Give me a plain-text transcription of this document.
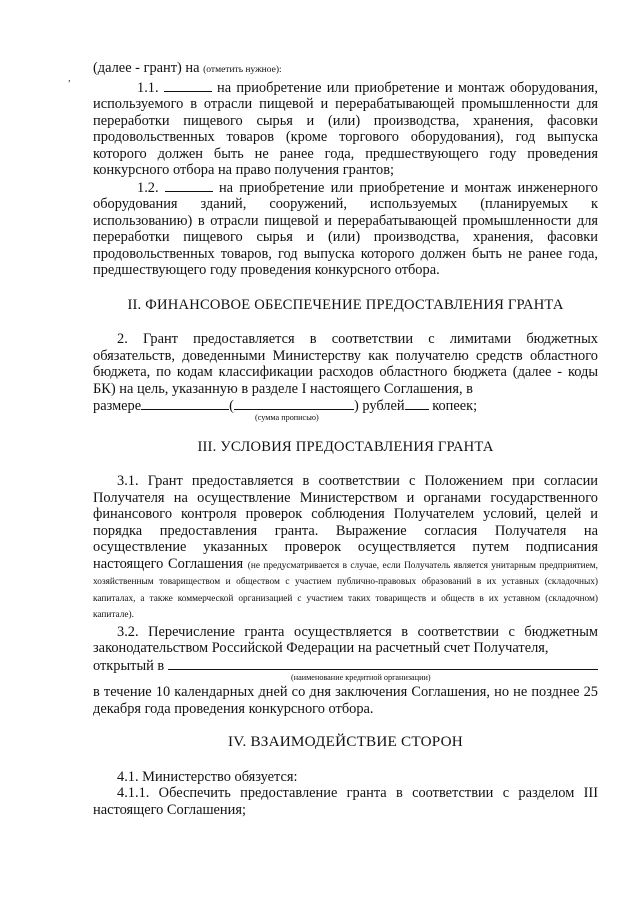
,

(далее - грант) на (отметить нужное):

1.1.	на приобретение или приобретение и монтаж оборудования, используемого в отрасли пищевой и перерабатывающей промышленности для переработки пищевого сырья и (или) производства, хранения, фасовки продовольственных товаров (кроме торгового оборудования), год выпуска которого должен быть не ранее года, предшествующего году проведения конкурсного отбора на право получения грантов;

1.2.	на приобретение или приобретение и монтаж инженерного оборудования зданий, сооружений, используемых (планируемых к использованию) в отрасли пищевой и перерабатывающей промышленности для переработки пищевого сырья и (или) производства, хранения, фасовки продовольственных товаров, год выпуска которого должен быть не ранее года, предшествующего году проведения конкурсного отбора.

II. ФИНАНСОВОЕ ОБЕСПЕЧЕНИЕ ПРЕДОСТАВЛЕНИЯ ГРАНТА

2. Грант предоставляется в соответствии с лимитами бюджетных обязательств, доведенными Министерству как получателю средств областного бюджета, по кодам классификации расходов областного бюджета (далее - коды БК) на цель, указанную в разделе I настоящего Соглашения, в

размере	(	) рублей копеек;

(сумма прописью)
III. УСЛОВИЯ ПРЕДОСТАВЛЕНИЯ ГРАНТА

3.1. Грант предоставляется в соответствии с Положением при согласии Получателя на осуществление Министерством и органами государственного финансового контроля проверок соблюдения Получателем условий, целей и порядка предоставления гранта. Выражение согласия Получателя на осуществление указанных проверок осуществляется путем подписания настоящего Соглашения (не предусматривается в случае, если Получатель является унитарным предприятием, хозяйственным товариществом и обществом с участием публично-правовых образований в их уставных (складочных) капиталах, а также коммерческой организацией с участием таких товариществ и обществ в их уставном (складочном) капитале).

3.2. Перечисление гранта осуществляется в соответствии с бюджетным законодательством Российской Федерации на расчетный счет Получателя,

открытый в
(наименование кредитной организации)

в течение 10 календарных дней со дня заключения Соглашения, но не позднее 25 декабря года проведения конкурсного отбора.

IV. ВЗАИМОДЕЙСТВИЕ СТОРОН

4.1. Министерство обязуется:

4.1.1. Обеспечить предоставление гранта в соответствии с разделом III настоящего Соглашения;
